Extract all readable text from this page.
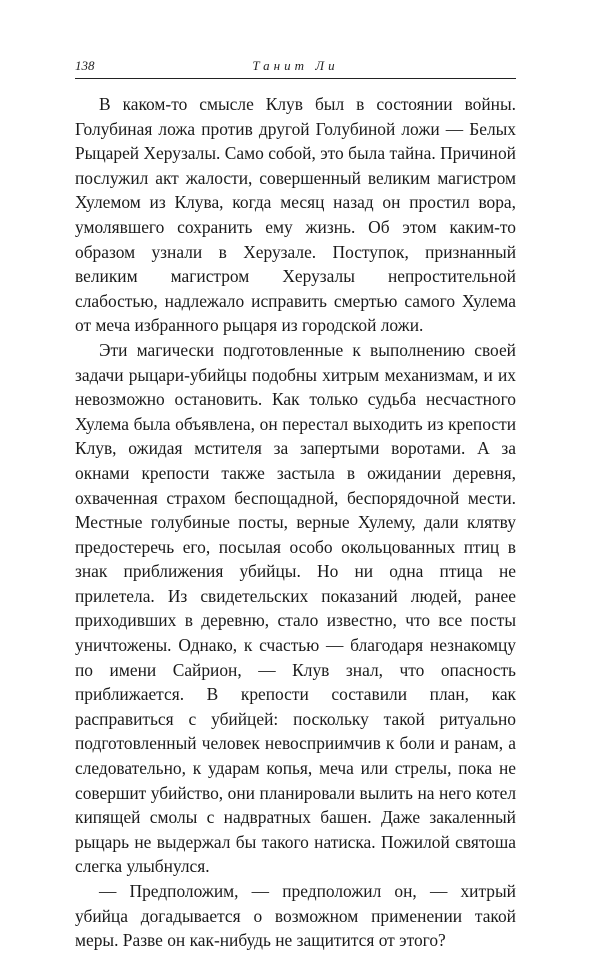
138	Танит Ли

В каком-то смысле Клув был в состоянии войны. Голубиная ложа против другой Голубиной ложи — Белых Рыцарей Херузалы. Само собой, это была тайна. Причиной послужил акт жалости, совершенный великим магистром Хулемом из Клува, когда месяц назад он простил вора, умолявшего сохранить ему жизнь. Об этом каким-то образом узнали в Херузале. Поступок, признанный великим магистром Херузалы непростительной слабостью, надлежало исправить смертью самого Хулема от меча избранного рыцаря из городской ложи.

Эти магически подготовленные к выполнению своей задачи рыцари-убийцы подобны хитрым механизмам, и их невозможно остановить. Как только судьба несчастного Хулема была объявлена, он перестал выходить из крепости Клув, ожидая мстителя за запертыми воротами. А за окнами крепости также застыла в ожидании деревня, охваченная страхом беспощадной, беспорядочной мести. Местные голубиные посты, верные Хулему, дали клятву предостеречь его, посылая особо окольцованных птиц в знак приближения убийцы. Но ни одна птица не прилетела. Из свидетельских показаний людей, ранее приходивших в деревню, стало известно, что все посты уничтожены. Однако, к счастью — благодаря незнакомцу по имени Сайрион, — Клув знал, что опасность приближается. В крепости составили план, как расправиться с убийцей: поскольку такой ритуально подготовленный человек невосприимчив к боли и ранам, а следовательно, к ударам копья, меча или стрелы, пока не совершит убийство, они планировали вылить на него котел кипящей смолы с надвратных башен. Даже закаленный рыцарь не выдержал бы такого натиска. Пожилой святоша слегка улыбнулся.

— Предположим, — предположил он, — хитрый убийца догадывается о возможном применении такой меры. Разве он как-нибудь не защитится от этого?
